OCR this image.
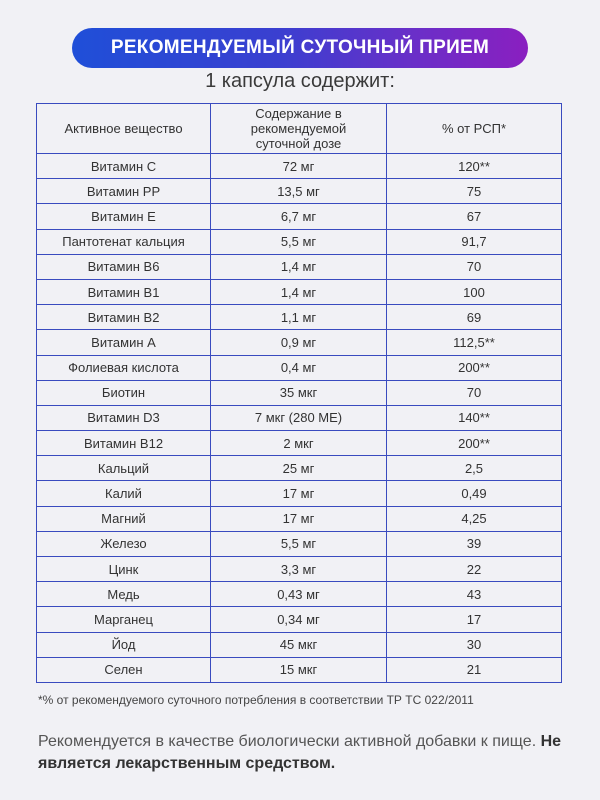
РЕКОМЕНДУЕМЫЙ СУТОЧНЫЙ ПРИЕМ
1 капсула содержит:
Активное вещество	Содержание в рекомендуемой суточной дозе	% от РСП*
Витамин С	72 мг	120**
Витамин РР	13,5 мг	75
Витамин Е	6,7 мг	67
Пантотенат кальция	5,5 мг	91,7
Витамин В6	1,4 мг	70
Витамин В1	1,4 мг	100
Витамин В2	1,1 мг	69
Витамин А	0,9 мг	112,5**
Фолиевая кислота	0,4 мг	200**
Биотин	35 мкг	70
Витамин D3	7 мкг (280 МЕ)	140**
Витамин В12	2 мкг	200**
Кальций	25 мг	2,5
Калий	17 мг	0,49
Магний	17 мг	4,25
Железо	5,5 мг	39
Цинк	3,3 мг	22
Медь	0,43 мг	43
Марганец	0,34 мг	17
Йод	45 мкг	30
Селен	15 мкг	21
*% от рекомендуемого суточного потребления в соответствии ТР ТС 022/2011
Рекомендуется в качестве биологически активной добавки к пище. Не является лекарственным средством.
